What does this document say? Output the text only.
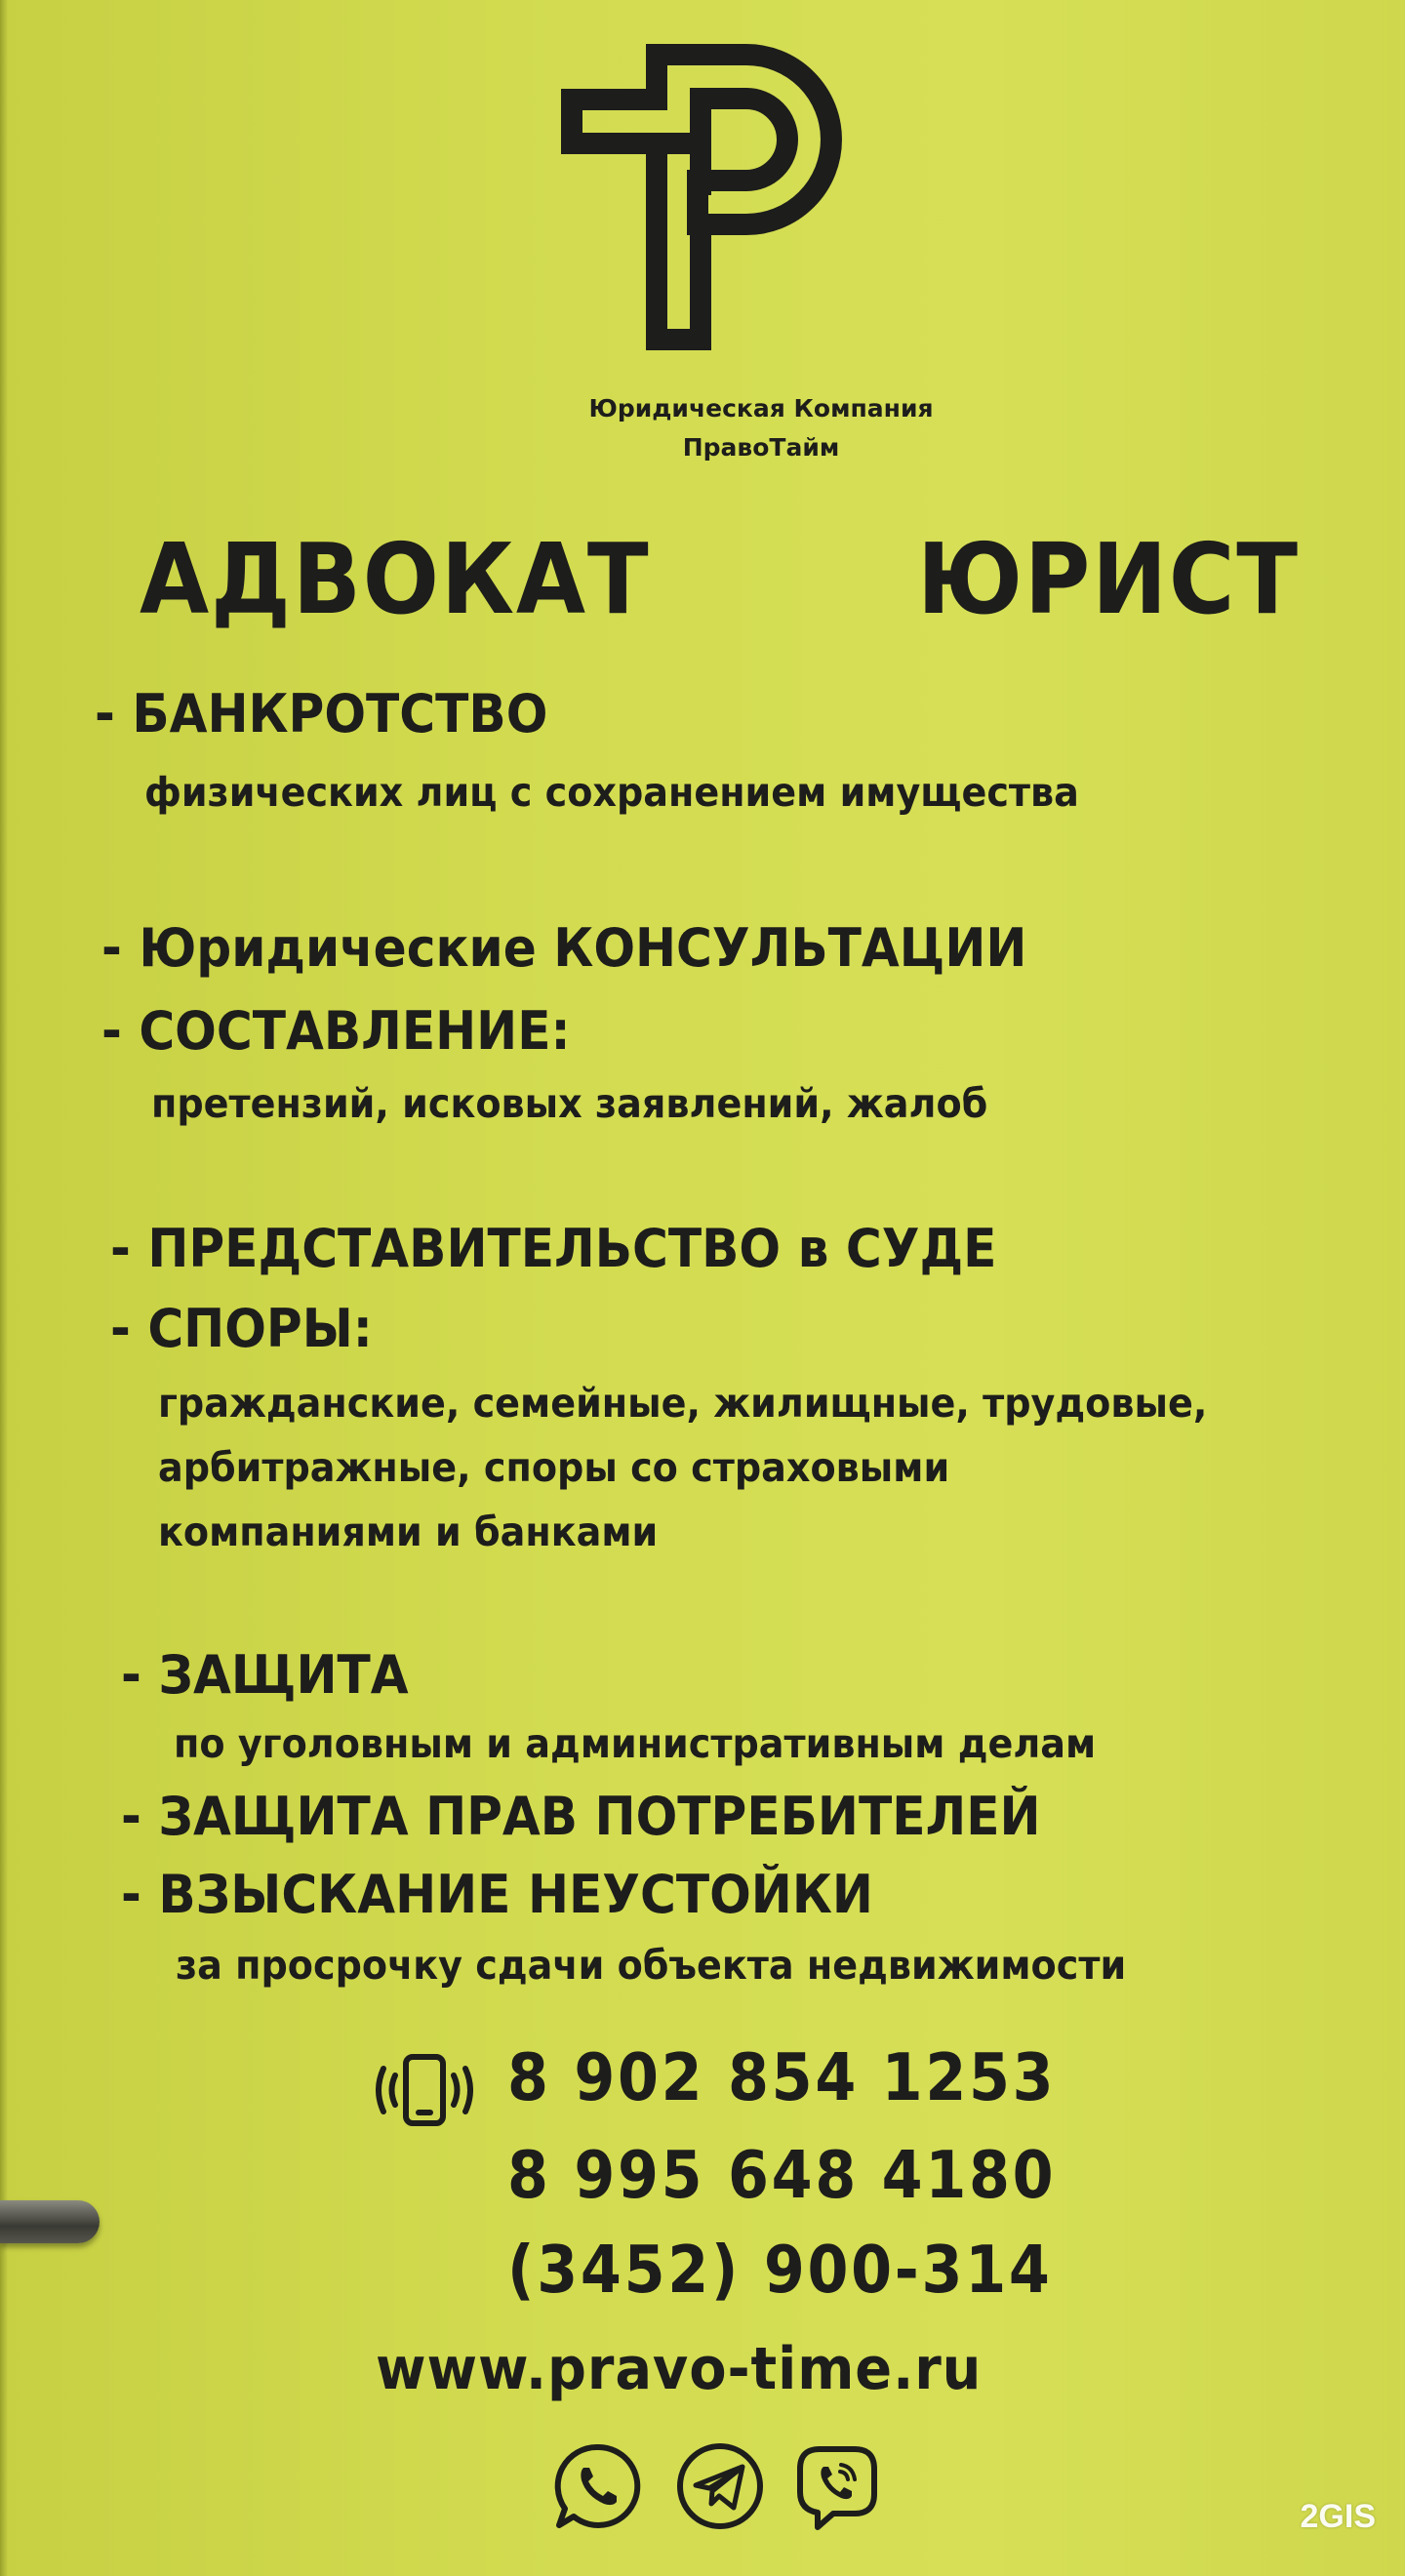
Юридическая Компания
ПравоТайм
АДВОКАТ	ЮРИСТ
- БАНКРОТСТВО
физических лиц с сохранением имущества
- Юридические КОНСУЛЬТАЦИИ
- СОСТАВЛЕНИЕ:
претензий, исковых заявлений, жалоб
- ПРЕДСТАВИТЕЛЬСТВО в СУДЕ
- СПОРЫ:
гражданские, семейные, жилищные, трудовые,
арбитражные, споры со страховыми
компаниями и банками
- ЗАЩИТА
по уголовным и административным делам
- ЗАЩИТА ПРАВ ПОТРЕБИТЕЛЕЙ
- ВЗЫСКАНИЕ НЕУСТОЙКИ
за просрочку сдачи объекта недвижимости
8 902 854 1253
8 995 648 4180
(3452) 900-314
www.pravo-time.ru
2GIS
